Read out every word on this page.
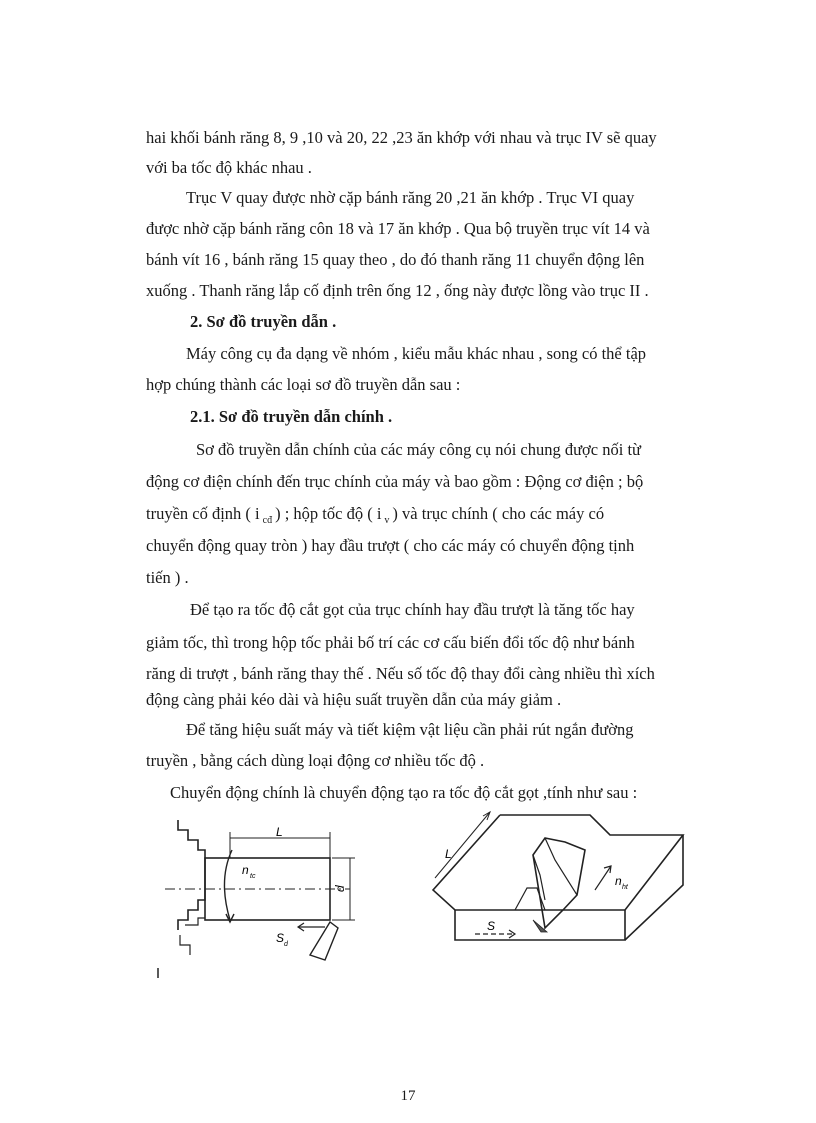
hai khối bánh răng 8, 9 ,10 và 20, 22 ,23 ăn khớp với nhau và trục IV sẽ quay
với ba tốc độ khác nhau .
Trục V quay được nhờ cặp bánh răng 20 ,21 ăn khớp . Trục VI quay
được nhờ cặp bánh răng côn 18 và 17 ăn khớp . Qua bộ truyền trục vít 14 và
bánh vít 16 , bánh răng 15 quay theo , do đó thanh răng 11 chuyển động lên
xuống . Thanh răng lắp cố định trên ống 12 , ống này được lồng vào trục II .
2. Sơ đồ truyền dẫn .
Máy công cụ đa dạng về nhóm , kiểu mẫu khác nhau , song có thể tập
hợp chúng thành các loại sơ đồ truyền dẫn sau :
2.1. Sơ đồ truyền dẫn chính .
Sơ đồ truyền dẫn chính của các máy công cụ nói chung được nối từ
động cơ điện chính đến trục chính của máy và bao gồm : Động cơ điện ; bộ
truyền cố định ( i $_{cđ}$ ) ; hộp tốc độ ( i $_v$ ) và trục chính ( cho các máy có
chuyển động quay tròn ) hay đầu trượt ( cho các máy có chuyển động tịnh
tiến ) .
Để tạo ra tốc độ cắt gọt của trục chính hay đầu trượt là tăng tốc hay
giảm tốc, thì trong hộp tốc phải bố trí các cơ cấu biến đổi tốc độ như bánh
răng di trượt , bánh răng thay thế . Nếu số tốc độ thay đổi càng nhiều thì xích
động càng phải kéo dài và hiệu suất truyền dẫn của máy giảm .
Để tăng hiệu suất máy và tiết kiệm vật liệu cần phải rút ngắn đường
truyền , bằng cách dùng loại động cơ nhiều tốc độ .
Chuyển động chính là chuyển động tạo ra tốc độ cắt gọt ,tính như sau :
L
n tc
d
S d
L
S
n ht
17
